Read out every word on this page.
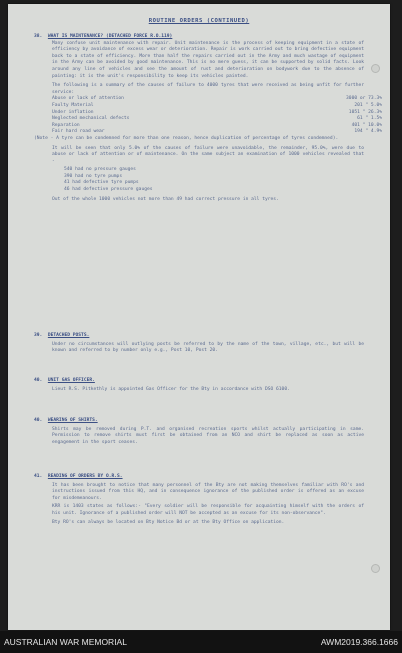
ROUTINE ORDERS (CONTINUED)
38. WHAT IS MAINTENANCE? (DETACHED FORCE R.O.119)
Many confuse unit maintenance with repair. Unit maintenance is the process of keeping equipment in a state of efficiency by avoidance of excess wear or deterioration. Repair is work carried out to bring defective equipment back to a state of efficiency. More than half the repairs carried out in the Army and much wastage of equipment in the Army can be avoided by good maintenance. This is no mere guess, it can be supported by solid facts. Look around any line of vehicles and see the amount of rust and deterioration on bodywork due to the absence of painting: it is the unit's responsibility to keep its vehicles painted.
The following is a summary of the causes of failure to 4000 tyres that were received as being unfit for further service:
Abuse or lack of attention	3000 or 73.3%
Faulty Material	201 " 5.0%
Under inflation	1051 " 26.3%
Neglected mechanical defects	61 " 1.5%
Reparation	401 " 10.0%
Fair hard road wear	194 " 4.9%
(Note - A tyre can be condemned for more than one reason, hence duplication of percentage of tyres condemned).
It will be seen that only 5.0% of the causes of failure were unavoidable, the remainder, 95.0%, were due to abuse or lack of attention or of maintenance. On the same subject an examination of 1000 vehicles revealed that -
540 had no pressure gauges
390 had no tyre pumps
41 had defective tyre pumps
46 had defective pressure gauges
Out of the whole 1000 vehicles not more than 49 had correct pressure in all tyres.
39. DETACHED POSTS.
Under no circumstances will outlying posts be referred to by the name of the town, village, etc., but will be known and referred to by number only e.g., Post 10, Post 20.
40. UNIT GAS OFFICER.
Lieut R.S. Pitkethly is appointed Gas Officer for the Bty in accordance with DSO 6100.
40. WEARING OF SHIRTS.
Shirts may be removed during P.T. and organised recreation sports whilst actually participating in same. Permission to remove shirts must first be obtained from an NCO and shirt be replaced as soon as active engagement in the sport ceases.
41. READING OF ORDERS BY O.R.S.
It has been brought to notice that many personnel of the Bty are not making themselves familiar with RO's and instructions issued from this HQ, and in consequence ignorance of the published order is offered as an excuse for misdemeanours.
KRR is 1403 states as follows:- "Every soldier will be responsible for acquainting himself with the orders of his unit. Ignorance of a published order will NOT be accepted as an excuse for its non-observance".
Bty RO's can always be located on Bty Notice Bd or at the Bty Office on application.
AUSTRALIAN WAR MEMORIAL	AWM2019.366.1666
